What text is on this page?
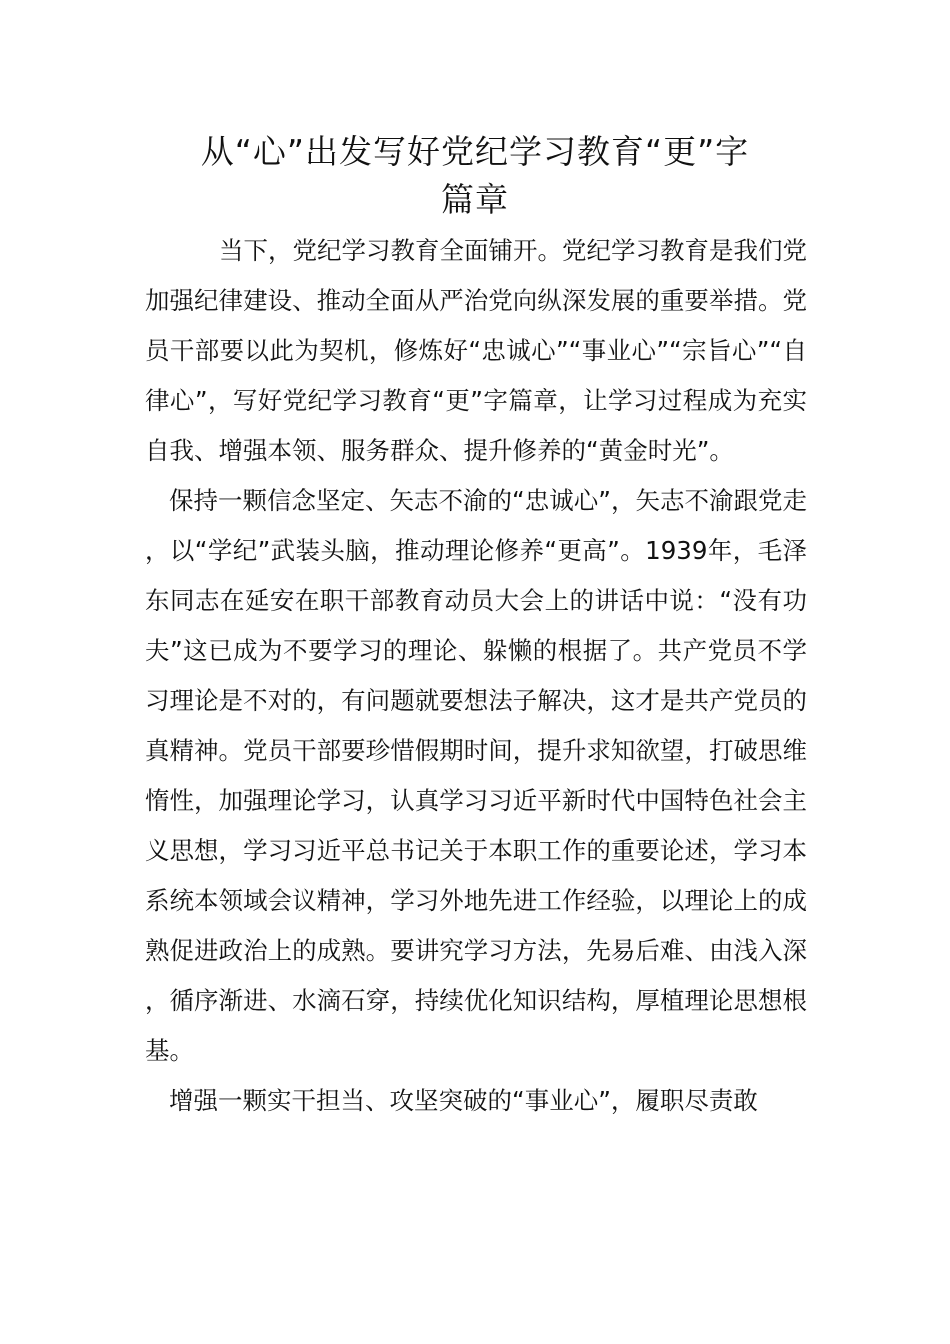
从“心”出发写好党纪学习教育“更”字
篇章

当下，党纪学习教育全面铺开。党纪学习教育是我们党加强纪律建设、推动全面从严治党向纵深发展的重要举措。党员干部要以此为契机，修炼好“忠诚心”“事业心”“宗旨心”“自律心”，写好党纪学习教育“更”字篇章，让学习过程成为充实自我、增强本领、服务群众、提升修养的“黄金时光”。

保持一颗信念坚定、矢志不渝的“忠诚心”，矢志不渝跟党走，以“学纪”武装头脑，推动理论修养“更高”。1939年，毛泽东同志在延安在职干部教育动员大会上的讲话中说：“没有功夫”这已成为不要学习的理论、躲懒的根据了。共产党员不学习理论是不对的，有问题就要想法子解决，这才是共产党员的真精神。党员干部要珍惜假期时间，提升求知欲望，打破思维惰性，加强理论学习，认真学习习近平新时代中国特色社会主义思想，学习习近平总书记关于本职工作的重要论述，学习本系统本领域会议精神，学习外地先进工作经验，以理论上的成熟促进政治上的成熟。要讲究学习方法，先易后难、由浅入深，循序渐进、水滴石穿，持续优化知识结构，厚植理论思想根基。

增强一颗实干担当、攻坚突破的“事业心”，履职尽责敢
